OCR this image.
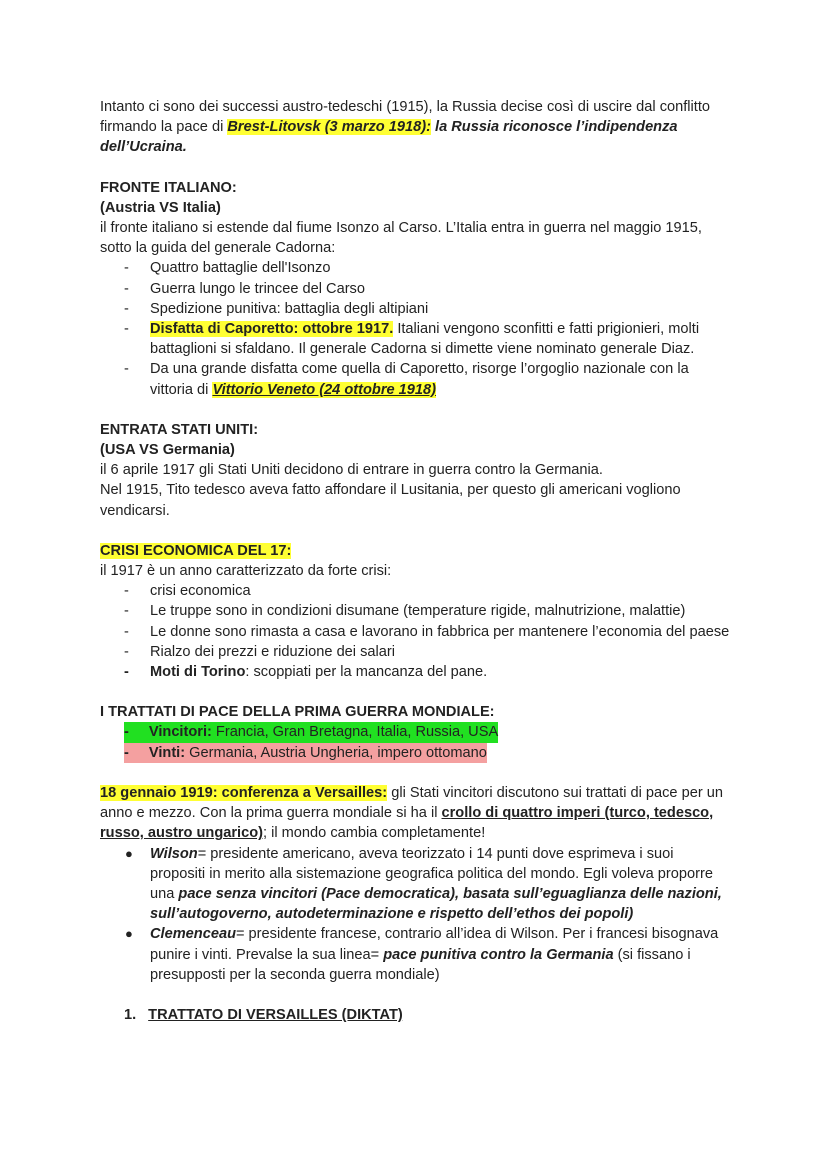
Intanto ci sono dei successi austro-tedeschi (1915), la Russia decise così di uscire dal conflitto firmando la pace di Brest-Litovsk (3 marzo 1918): la Russia riconosce l’indipendenza dell’Ucraina.

FRONTE ITALIANO:

(Austria VS Italia)

il fronte italiano si estende dal fiume Isonzo al Carso. L’Italia entra in guerra nel maggio 1915, sotto la guida del generale Cadorna:

- Quattro battaglie dell'Isonzo
- Guerra lungo le trincee del Carso
- Spedizione punitiva: battaglia degli altipiani
- Disfatta di Caporetto: ottobre 1917. Italiani vengono sconfitti e fatti prigionieri, molti battaglioni si sfaldano. Il generale Cadorna si dimette viene nominato generale Diaz.
- Da una grande disfatta come quella di Caporetto, risorge l’orgoglio nazionale con la vittoria di Vittorio Veneto (24 ottobre 1918)

ENTRATA STATI UNITI:

(USA VS Germania)

il 6 aprile 1917 gli Stati Uniti decidono di entrare in guerra contro la Germania.

Nel 1915, Tito tedesco aveva fatto affondare il Lusitania, per questo gli americani vogliono vendicarsi.

CRISI ECONOMICA DEL 17:

il 1917 è un anno caratterizzato da forte crisi:

- crisi economica
- Le truppe sono in condizioni disumane (temperature rigide, malnutrizione, malattie)
- Le donne sono rimasta a casa e lavorano in fabbrica per mantenere l’economia del paese
- Rialzo dei prezzi e riduzione dei salari
- Moti di Torino: scoppiati per la mancanza del pane.

I TRATTATI DI PACE DELLA PRIMA GUERRA MONDIALE:

- Vincitori: Francia, Gran Bretagna, Italia, Russia, USA
- Vinti: Germania, Austria Ungheria, impero ottomano

18 gennaio 1919: conferenza a Versailles: gli Stati vincitori discutono sui trattati di pace per un anno e mezzo. Con la prima guerra mondiale si ha il crollo di quattro imperi (turco, tedesco, russo, austro ungarico); il mondo cambia completamente!

● Wilson= presidente americano, aveva teorizzato i 14 punti dove esprimeva i suoi propositi in merito alla sistemazione geografica politica del mondo. Egli voleva proporre una pace senza vincitori (Pace democratica), basata sull’eguaglianza delle nazioni, sull’autogoverno, autodeterminazione e rispetto dell’ethos dei popoli)
● Clemenceau= presidente francese, contrario all’idea di Wilson. Per i francesi bisognava punire i vinti. Prevalse la sua linea= pace punitiva contro la Germania (si fissano i presupposti per la seconda guerra mondiale)

1. TRATTATO DI VERSAILLES (DIKTAT)
